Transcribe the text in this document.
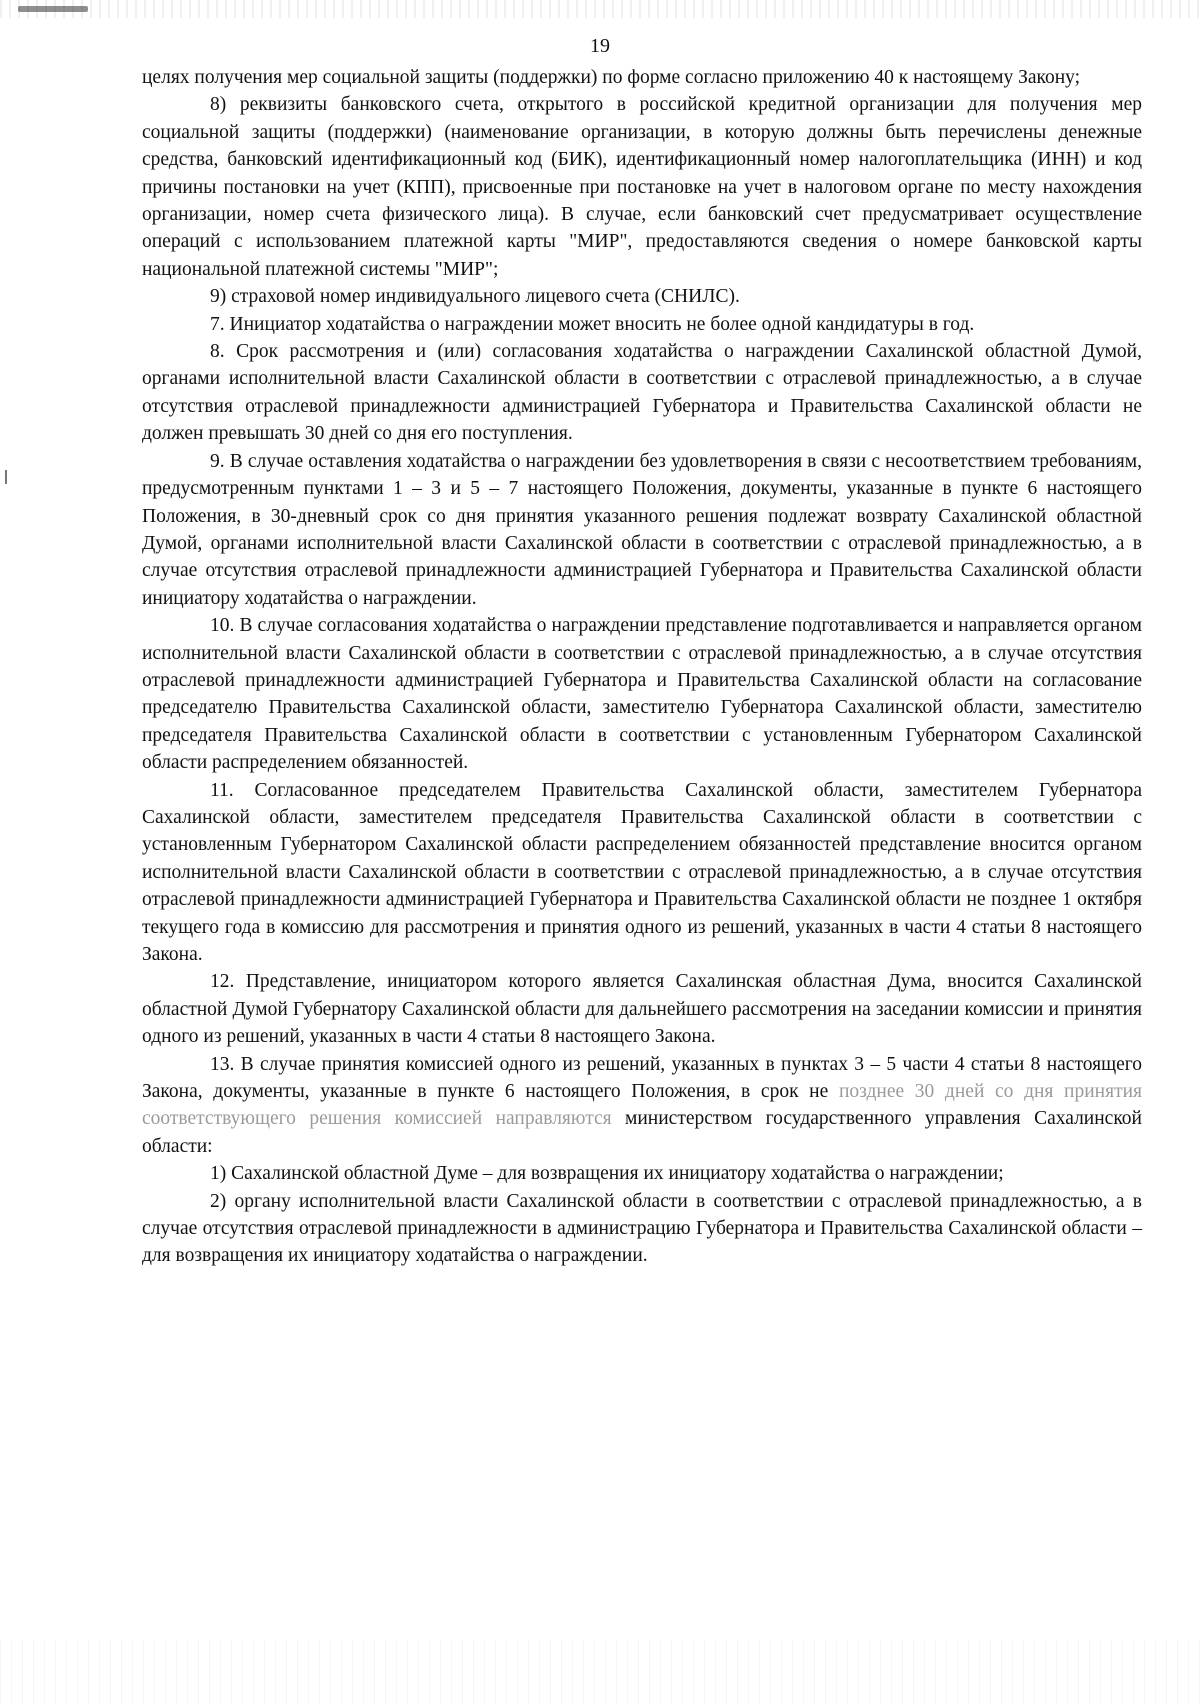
19

целях получения мер социальной защиты (поддержки) по форме согласно приложению 40 к настоящему Закону;

8) реквизиты банковского счета, открытого в российской кредитной организации для получения мер социальной защиты (поддержки) (наименование организации, в которую должны быть перечислены денежные средства, банковский идентификационный код (БИК), идентификационный номер налогоплательщика (ИНН) и код причины постановки на учет (КПП), присвоенные при постановке на учет в налоговом органе по месту нахождения организации, номер счета физического лица). В случае, если банковский счет предусматривает осуществление операций с использованием платежной карты "МИР", предоставляются сведения о номере банковской карты национальной платежной системы "МИР";

9) страховой номер индивидуального лицевого счета (СНИЛС).

7. Инициатор ходатайства о награждении может вносить не более одной кандидатуры в год.

8. Срок рассмотрения и (или) согласования ходатайства о награждении Сахалинской областной Думой, органами исполнительной власти Сахалинской области в соответствии с отраслевой принадлежностью, а в случае отсутствия отраслевой принадлежности администрацией Губернатора и Правительства Сахалинской области не должен превышать 30 дней со дня его поступления.

9. В случае оставления ходатайства о награждении без удовлетворения в связи с несоответствием требованиям, предусмотренным пунктами 1 – 3 и 5 – 7 настоящего Положения, документы, указанные в пункте 6 настоящего Положения, в 30-дневный срок со дня принятия указанного решения подлежат возврату Сахалинской областной Думой, органами исполнительной власти Сахалинской области в соответствии с отраслевой принадлежностью, а в случае отсутствия отраслевой принадлежности администрацией Губернатора и Правительства Сахалинской области инициатору ходатайства о награждении.

10. В случае согласования ходатайства о награждении представление подготавливается и направляется органом исполнительной власти Сахалинской области в соответствии с отраслевой принадлежностью, а в случае отсутствия отраслевой принадлежности администрацией Губернатора и Правительства Сахалинской области на согласование председателю Правительства Сахалинской области, заместителю Губернатора Сахалинской области, заместителю председателя Правительства Сахалинской области в соответствии с установленным Губернатором Сахалинской области распределением обязанностей.

11. Согласованное председателем Правительства Сахалинской области, заместителем Губернатора Сахалинской области, заместителем председателя Правительства Сахалинской области в соответствии с установленным Губернатором Сахалинской области распределением обязанностей представление вносится органом исполнительной власти Сахалинской области в соответствии с отраслевой принадлежностью, а в случае отсутствия отраслевой принадлежности администрацией Губернатора и Правительства Сахалинской области не позднее 1 октября текущего года в комиссию для рассмотрения и принятия одного из решений, указанных в части 4 статьи 8 настоящего Закона.

12. Представление, инициатором которого является Сахалинская областная Дума, вносится Сахалинской областной Думой Губернатору Сахалинской области для дальнейшего рассмотрения на заседании комиссии и принятия одного из решений, указанных в части 4 статьи 8 настоящего Закона.

13. В случае принятия комиссией одного из решений, указанных в пунктах 3 – 5 части 4 статьи 8 настоящего Закона, документы, указанные в пункте 6 настоящего Положения, в срок не позднее 30 дней со дня принятия соответствующего решения комиссией направляются министерством государственного управления Сахалинской области:

1) Сахалинской областной Думе – для возвращения их инициатору ходатайства о награждении;

2) органу исполнительной власти Сахалинской области в соответствии с отраслевой принадлежностью, а в случае отсутствия отраслевой принадлежности в администрацию Губернатора и Правительства Сахалинской области – для возвращения их инициатору ходатайства о награждении.
